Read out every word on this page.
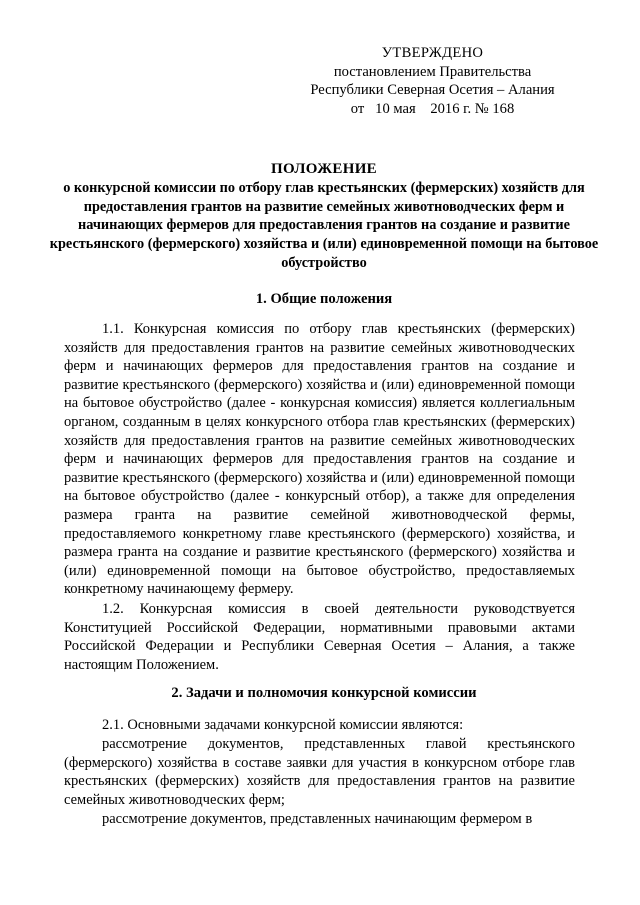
УТВЕРЖДЕНО
постановлением Правительства
Республики Северная Осетия – Алания
от   10 мая    2016 г. № 168
ПОЛОЖЕНИЕ
о конкурсной комиссии по отбору глав крестьянских (фермерских) хозяйств для предоставления грантов на развитие семейных животноводческих ферм и начинающих фермеров для предоставления грантов на создание и развитие крестьянского (фермерского) хозяйства и (или) единовременной помощи на бытовое обустройство
1. Общие положения
1.1. Конкурсная комиссия по отбору глав крестьянских (фермерских) хозяйств для предоставления грантов на развитие семейных животноводческих ферм и начинающих фермеров для предоставления грантов на создание и развитие крестьянского (фермерского) хозяйства и (или) единовременной помощи на бытовое обустройство (далее - конкурсная комиссия) является коллегиальным органом, созданным в целях конкурсного отбора глав крестьянских (фермерских) хозяйств для предоставления грантов на развитие семейных животноводческих ферм и начинающих фермеров для предоставления грантов на создание и развитие крестьянского (фермерского) хозяйства и (или) единовременной помощи на бытовое обустройство (далее - конкурсный отбор), а также для определения размера гранта на развитие семейной животноводческой фермы, предоставляемого конкретному главе крестьянского (фермерского) хозяйства, и размера гранта на создание и развитие крестьянского (фермерского) хозяйства и (или) единовременной помощи на бытовое обустройство, предоставляемых конкретному начинающему фермеру.
1.2. Конкурсная комиссия в своей деятельности руководствуется Конституцией Российской Федерации, нормативными правовыми актами Российской Федерации и Республики Северная Осетия – Алания, а также настоящим Положением.
2. Задачи и полномочия конкурсной комиссии
2.1. Основными задачами конкурсной комиссии являются:
рассмотрение документов, представленных главой крестьянского (фермерского) хозяйства в составе заявки для участия в конкурсном отборе глав крестьянских (фермерских) хозяйств для предоставления грантов на развитие семейных животноводческих ферм;
рассмотрение документов, представленных начинающим фермером в
